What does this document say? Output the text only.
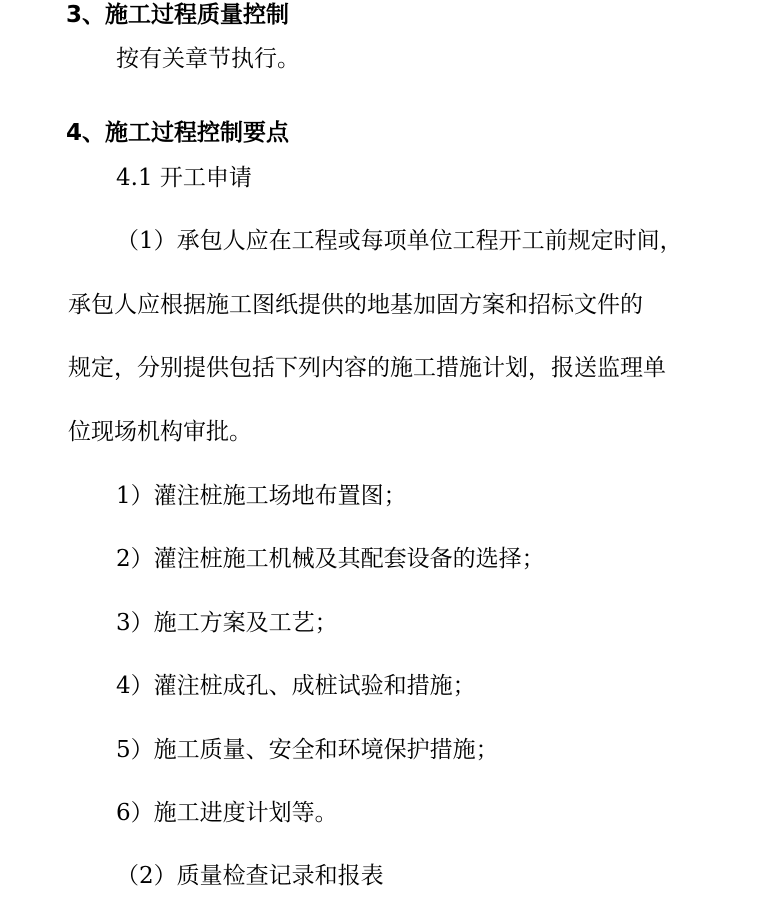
3、施工过程质量控制
按有关章节执行。
4、施工过程控制要点
4.1 开工申请
（1）承包人应在工程或每项单位工程开工前规定时间，
承包人应根据施工图纸提供的地基加固方案和招标文件的
规定，分别提供包括下列内容的施工措施计划，报送监理单
位现场机构审批。
1）灌注桩施工场地布置图；
2）灌注桩施工机械及其配套设备的选择；
3）施工方案及工艺；
4）灌注桩成孔、成桩试验和措施；
5）施工质量、安全和环境保护措施；
6）施工进度计划等。
（2）质量检查记录和报表
